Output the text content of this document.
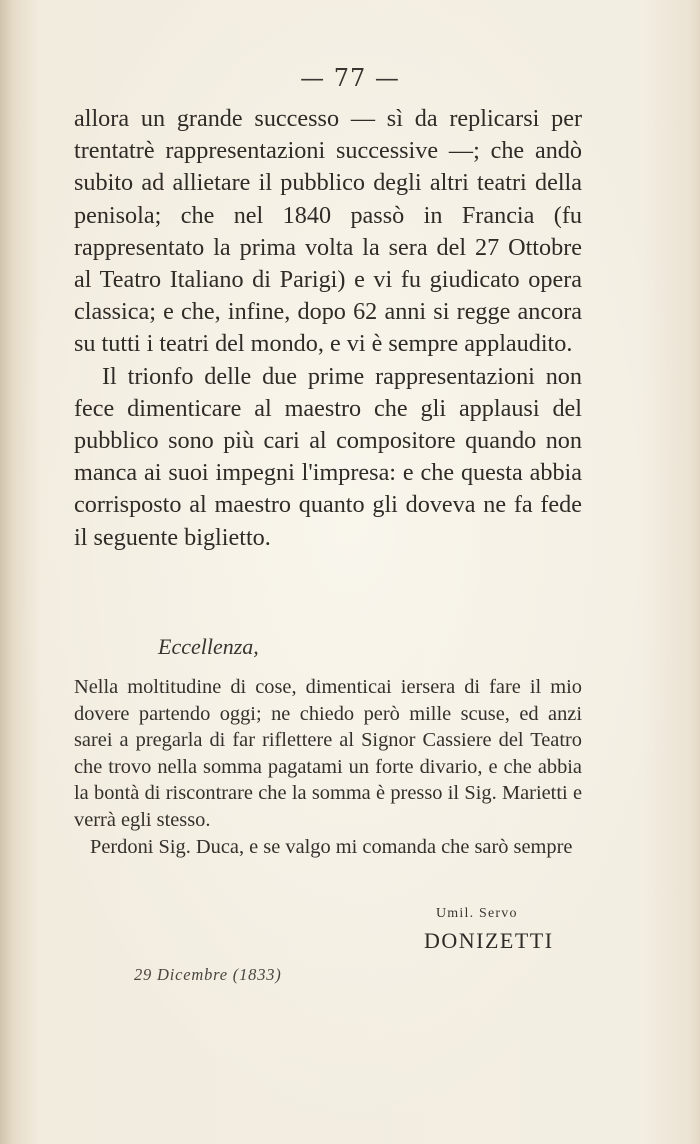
— 77 —

allora un grande successo — sì da replicarsi per trentatrè rappresentazioni successive —; che andò subito ad allietare il pubblico degli altri teatri della penisola; che nel 1840 passò in Francia (fu rappresentato la prima volta la sera del 27 Ottobre al Teatro Italiano di Parigi) e vi fu giudicato opera classica; e che, infine, dopo 62 anni si regge ancora su tutti i teatri del mondo, e vi è sempre applaudito.

Il trionfo delle due prime rappresentazioni non fece dimenticare al maestro che gli applausi del pubblico sono più cari al compositore quando non manca ai suoi impegni l'impresa: e che questa abbia corrisposto al maestro quanto gli doveva ne fa fede il seguente biglietto.

Eccellenza,

Nella moltitudine di cose, dimenticai iersera di fare il mio dovere partendo oggi; ne chiedo però mille scuse, ed anzi sarei a pregarla di far riflettere al Signor Cassiere del Teatro che trovo nella somma pagatami un forte divario, e che abbia la bontà di riscontrare che la somma è presso il Sig. Marietti e verrà egli stesso.

Perdoni Sig. Duca, e se valgo mi comanda che sarò sempre

Umil. Servo
DONIZETTI
29 Dicembre (1833)
